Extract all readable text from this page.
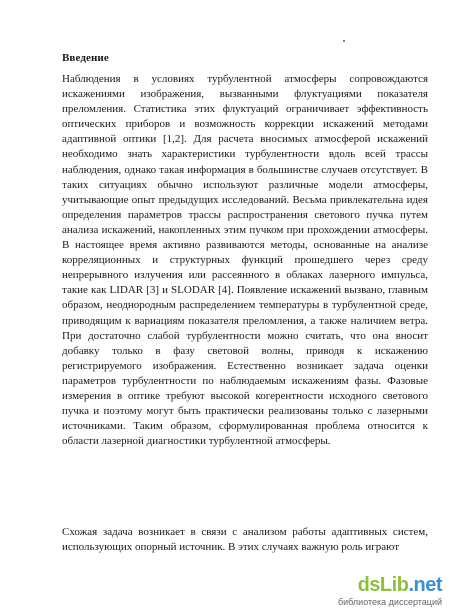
Введение

Наблюдения в условиях турбулентной атмосферы сопровождаются искажениями изображения, вызванными флуктуациями показателя преломления. Статистика этих флуктуаций ограничивает эффективность оптических приборов и возможность коррекции искажений методами адаптивной оптики [1,2]. Для расчета вносимых атмосферой искажений необходимо знать характеристики турбулентности вдоль всей трассы наблюдения, однако такая информация в большинстве случаев отсутствует. В таких ситуациях обычно используют различные модели атмосферы, учитывающие опыт предыдущих исследований. Весьма привлекательна идея определения параметров трассы распространения светового пучка путем анализа искажений, накопленных этим пучком при прохождении атмосферы. В настоящее время активно развиваются методы, основанные на анализе корреляционных и структурных функций прошедшего через среду непрерывного излучения или рассеянного в облаках лазерного импульса, такие как LIDAR [3] и SLODAR [4]. Появление искажений вызвано, главным образом, неоднородным распределением температуры в турбулентной среде, приводящим к вариациям показателя преломления, а также наличием ветра. При достаточно слабой турбулентности можно считать, что она вносит добавку только в фазу световой волны, приводя к искажению регистрируемого изображения. Естественно возникает задача оценки параметров турбулентности по наблюдаемым искажениям фазы. Фазовые измерения в оптике требуют высокой когерентности исходного светового пучка и поэтому могут быть практически реализованы только с лазерными источниками. Таким образом, сформулированная проблема относится к области лазерной диагностики турбулентной атмосферы.

Схожая задача возникает в связи с анализом работы адаптивных систем, использующих опорный источник. В этих случаях важную роль играют

dsLib.net
библиотека диссертаций
